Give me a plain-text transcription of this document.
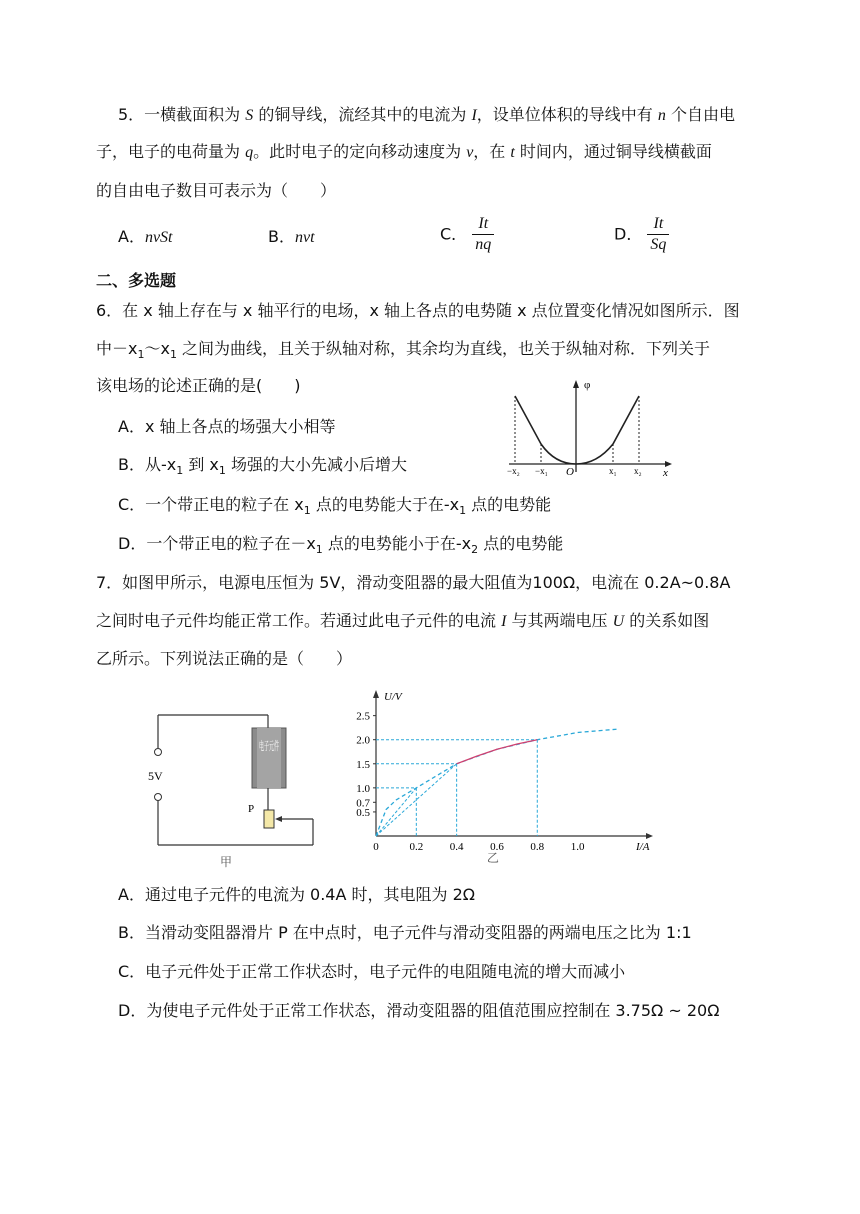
5．一横截面积为 S 的铜导线，流经其中的电流为 I，设单位体积的导线中有 n 个自由电
子，电子的电荷量为 q。此时电子的定向移动速度为 v，在 t 时间内，通过铜导线横截面
的自由电子数目可表示为（　　）
A．nvSt	B．nvt	C． $\frac{It}{nq}$	D． $\frac{It}{Sq}$
二、多选题
6．在 x 轴上存在与 x 轴平行的电场，x 轴上各点的电势随 x 点位置变化情况如图所示．图
中$-x_1\sim x_1$ 之间为曲线，且关于纵轴对称，其余均为直线，也关于纵轴对称．下列关于
该电场的论述正确的是(　　)
A．x 轴上各点的场强大小相等
B．从$-x_1$ 到 $x_1$ 场强的大小先减小后增大
C．一个带正电的粒子在 $x_1$ 点的电势能大于在$-x_1$ 点的电势能
D．一个带正电的粒子在$-x_1$ 点的电势能小于在$-x_2$ 点的电势能
φ
x
−x₂ −x₁ O	x₁ x₂
7．如图甲所示，电源电压恒为 5V，滑动变阻器的最大阻值为100Ω，电流在 0.2A~0.8A
之间时电子元件均能正常工作。若通过此电子元件的电流 I 与其两端电压 U 的关系如图
乙所示。下列说法正确的是（　　）
5V
P
甲
U/V
I/A
0	0.2 0.4 0.6 0.8 1.0
0.5
0.7
1.0
1.5
2.0
2.5
乙
A．通过电子元件的电流为 0.4A 时，其电阻为 2Ω
B．当滑动变阻器滑片 P 在中点时，电子元件与滑动变阻器的两端电压之比为 1:1
C．电子元件处于正常工作状态时，电子元件的电阻随电流的增大而减小
D．为使电子元件处于正常工作状态，滑动变阻器的阻值范围应控制在 3.75Ω ~ 20Ω
